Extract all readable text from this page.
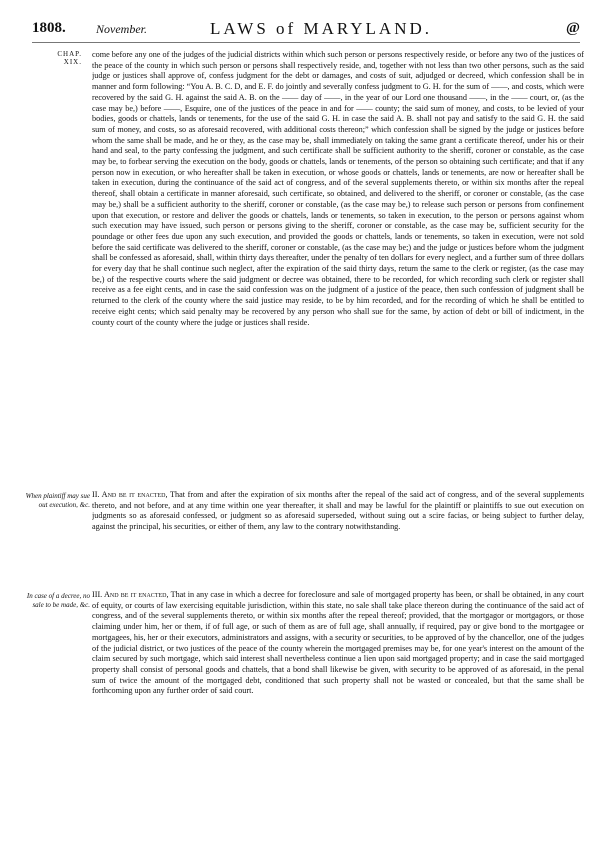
1808.	November.	LAWS of MARYLAND.	@
CHAP.
XIX.
When plaintiff may sue out execution, &c.
In case of a decree, no sale to be made, &c.
come before any one of the judges of the judicial districts within which such person or persons respectively reside, or before any two of the justices of the peace of the county in which such person or persons shall respectively reside, and, together with not less than two other persons, such as the said judge or justices shall approve of, confess judgment for the debt or damages, and costs of suit, adjudged or decreed, which confession shall be in manner and form following: “You A. B. C. D, and E. F. do jointly and severally confess judgment to G. H. for the sum of ——, and costs, which were recovered by the said G. H. against the said A. B. on the —— day of ——, in the year of our Lord one thousand ——, in the —— court, or, (as the case may be,) before ——, Esquire, one of the justices of the peace in and for —— county; the said sum of money, and costs, to be levied of your bodies, goods or chattels, lands or tenements, for the use of the said G. H. in case the said A. B. shall not pay and satisfy to the said G. H. the said sum of money, and costs, so as aforesaid recovered, with additional costs thereon;” which confession shall be signed by the judge or justices before whom the same shall be made, and he or they, as the case may be, shall immediately on taking the same grant a certificate thereof, under his or their hand and seal, to the party confessing the judgment, and such certificate shall be sufficient authority to the sheriff, coroner or constable, as the case may be, to forbear serving the execution on the body, goods or chattels, lands or tenements, of the person so obtaining such certificate; and that if any person now in execution, or who hereafter shall be taken in execution, or whose goods or chattels, lands or tenements, are now or hereafter shall be taken in execution, during the continuance of the said act of congress, and of the several supplements thereto, or within six months after the repeal thereof, shall obtain a certificate in manner aforesaid, such certificate, so obtained, and delivered to the sheriff, or coroner or constable, (as the case may be,) shall be a sufficient authority to the sheriff, coroner or constable, (as the case may be,) to release such person or persons from confinement upon that execution, or restore and deliver the goods or chattels, lands or tenements, so taken in execution, to the person or persons against whom such execution may have issued, such person or persons giving to the sheriff, coroner or constable, as the case may be, sufficient security for the poundage or other fees due upon any such execution, and provided the goods or chattels, lands or tenements, so taken in execution, were not sold before the said certificate was delivered to the sheriff, coroner or constable, (as the case may be;) and the judge or justices before whom the judgment shall be confessed as aforesaid, shall, within thirty days thereafter, under the penalty of ten dollars for every neglect, and a further sum of three dollars for every day that he shall continue such neglect, after the expiration of the said thirty days, return the same to the clerk or register, (as the case may be,) of the respective courts where the said judgment or decree was obtained, there to be recorded, for which recording such clerk or register shall receive as a fee eight cents, and in case the said confession was on the judgment of a justice of the peace, then such confession of judgment shall be returned to the clerk of the county where the said justice may reside, to be by him recorded, and for the recording of which he shall be entitled to receive eight cents; which said penalty may be recovered by any person who shall sue for the same, by action of debt or bill of indictment, in the county court of the county where the judge or justices shall reside.
II. And be it enacted, That from and after the expiration of six months after the repeal of the said act of congress, and of the several supplements thereto, and not before, and at any time within one year thereafter, it shall and may be lawful for the plaintiff or plaintiffs to sue out execution on judgments so as aforesaid confessed, or judgment so as aforesaid superseded, without suing out a scire facias, or being subject to further delay, against the principal, his securities, or either of them, any law to the contrary notwithstanding.
III. And be it enacted, That in any case in which a decree for foreclosure and sale of mortgaged property has been, or shall be obtained, in any court of equity, or courts of law exercising equitable jurisdiction, within this state, no sale shall take place thereon during the continuance of the said act of congress, and of the several supplements thereto, or within six months after the repeal thereof; provided, that the mortgagor or mortgagors, or those claiming under him, her or them, if of full age, or such of them as are of full age, shall annually, if required, pay or give bond to the mortgagee or mortgagees, his, her or their executors, administrators and assigns, with a security or securities, to be approved of by the chancellor, one of the judges of the judicial district, or two justices of the peace of the county wherein the mortgaged premises may be, for one year's interest on the amount of the claim secured by such mortgage, which said interest shall nevertheless continue a lien upon said mortgaged property; and in case the said mortgaged property shall consist of personal goods and chattels, that a bond shall likewise be given, with security to be approved of as aforesaid, in the penal sum of twice the amount of the mortgaged debt, conditioned that such property shall not be wasted or concealed, but that the same shall be forthcoming upon any further order of said court.
